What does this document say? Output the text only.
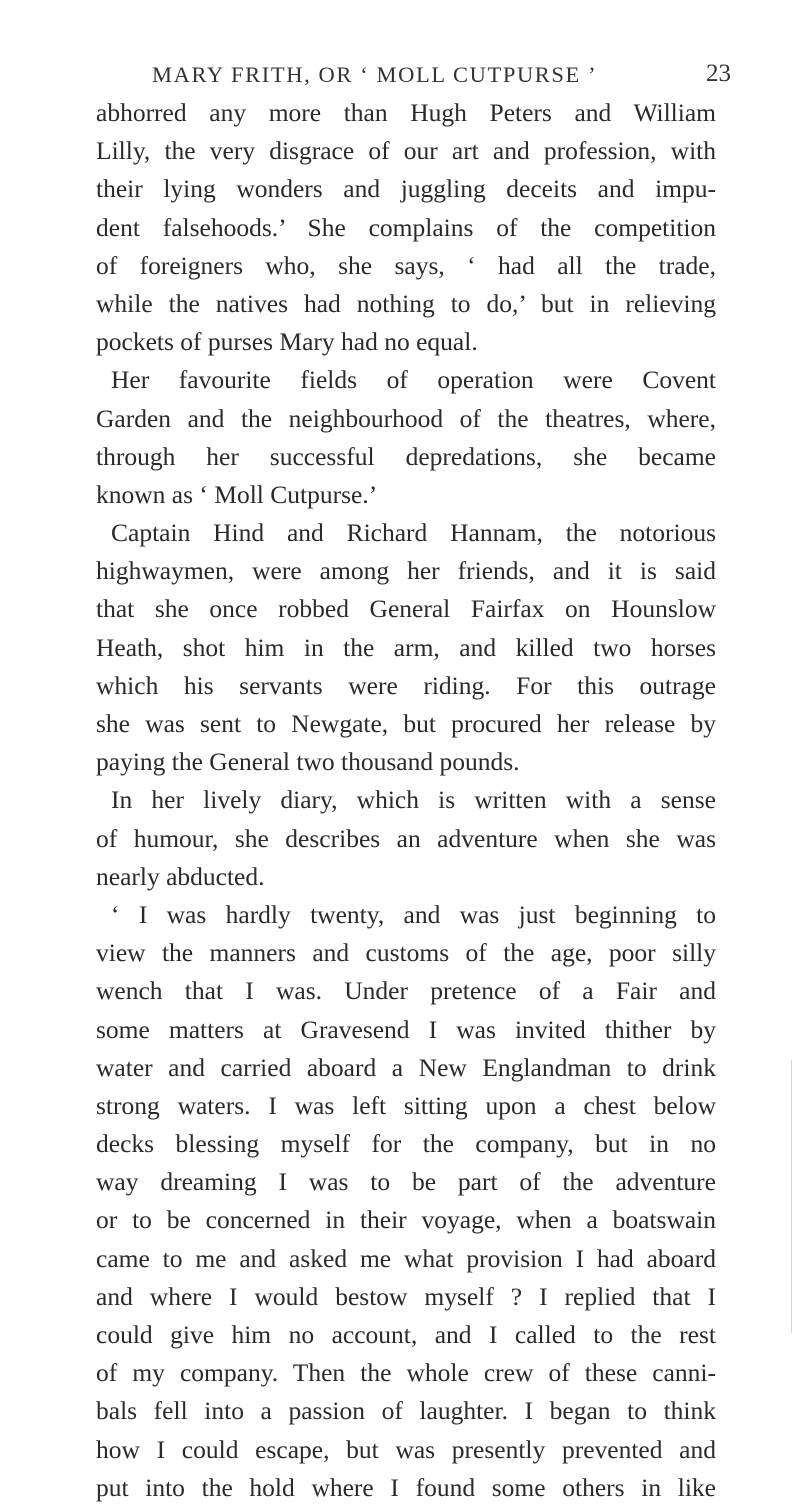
MARY FRITH, OR ‘ MOLL CUTPURSE ’	23
abhorred any more than Hugh Peters and William
Lilly, the very disgrace of our art and profession, with
their lying wonders and juggling deceits and impu-
dent falsehoods.’ She complains of the competition
of foreigners who, she says, ‘ had all the trade,
while the natives had nothing to do,’ but in relieving
pockets of purses Mary had no equal.
Her favourite fields of operation were Covent
Garden and the neighbourhood of the theatres, where,
through her successful depredations, she became
known as ‘ Moll Cutpurse.’
Captain Hind and Richard Hannam, the notorious
highwaymen, were among her friends, and it is said
that she once robbed General Fairfax on Hounslow
Heath, shot him in the arm, and killed two horses
which his servants were riding. For this outrage
she was sent to Newgate, but procured her release by
paying the General two thousand pounds.
In her lively diary, which is written with a sense
of humour, she describes an adventure when she was
nearly abducted.
‘ I was hardly twenty, and was just beginning to
view the manners and customs of the age, poor silly
wench that I was. Under pretence of a Fair and
some matters at Gravesend I was invited thither by
water and carried aboard a New Englandman to drink
strong waters. I was left sitting upon a chest below
decks blessing myself for the company, but in no
way dreaming I was to be part of the adventure
or to be concerned in their voyage, when a boatswain
came to me and asked me what provision I had aboard
and where I would bestow myself ? I replied that I
could give him no account, and I called to the rest
of my company. Then the whole crew of these canni-
bals fell into a passion of laughter. I began to think
how I could escape, but was presently prevented and
put into the hold where I found some others in like
